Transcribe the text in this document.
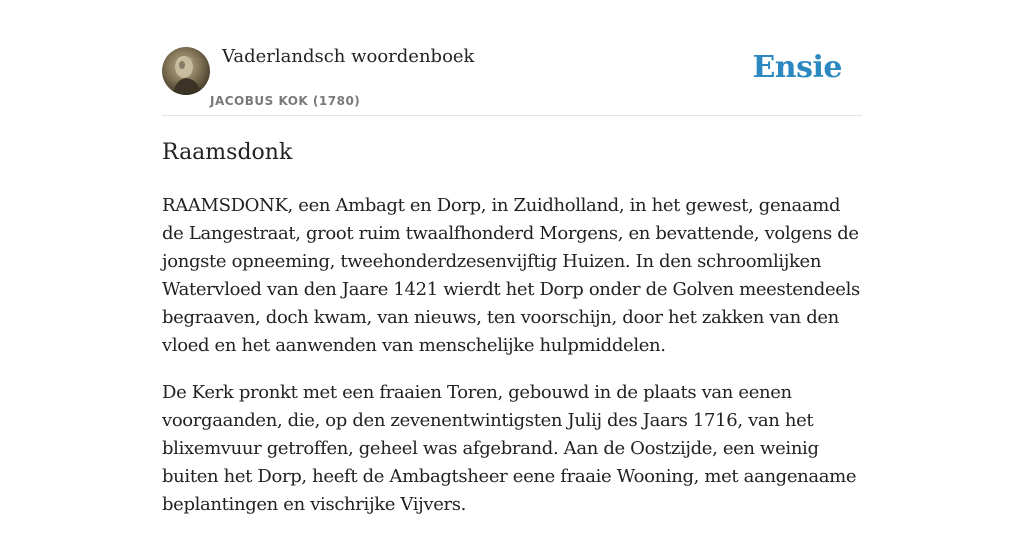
Vaderlandsch woordenboek
JACOBUS KOK (1780)
Ensie
Raamsdonk

RAAMSDONK, een Ambagt en Dorp, in Zuidholland, in het gewest, genaamd de Langestraat, groot ruim twaalfhonderd Morgens, en bevattende, volgens de jongste opneeming, tweehonderdzesenvijftig Huizen. In den schroomlijken Watervloed van den Jaare 1421 wierdt het Dorp onder de Golven meestendeels begraaven, doch kwam, van nieuws, ten voorschijn, door het zakken van den vloed en het aanwenden van menschelijke hulpmiddelen.

De Kerk pronkt met een fraaien Toren, gebouwd in de plaats van eenen voorgaanden, die, op den zevenentwintigsten Julij des Jaars 1716, van het blixemvuur getroffen, geheel was afgebrand. Aan de Oostzijde, een weinig buiten het Dorp, heeft de Ambagtsheer eene fraaie Wooning, met aangenaame beplantingen en vischrijke Vijvers.
